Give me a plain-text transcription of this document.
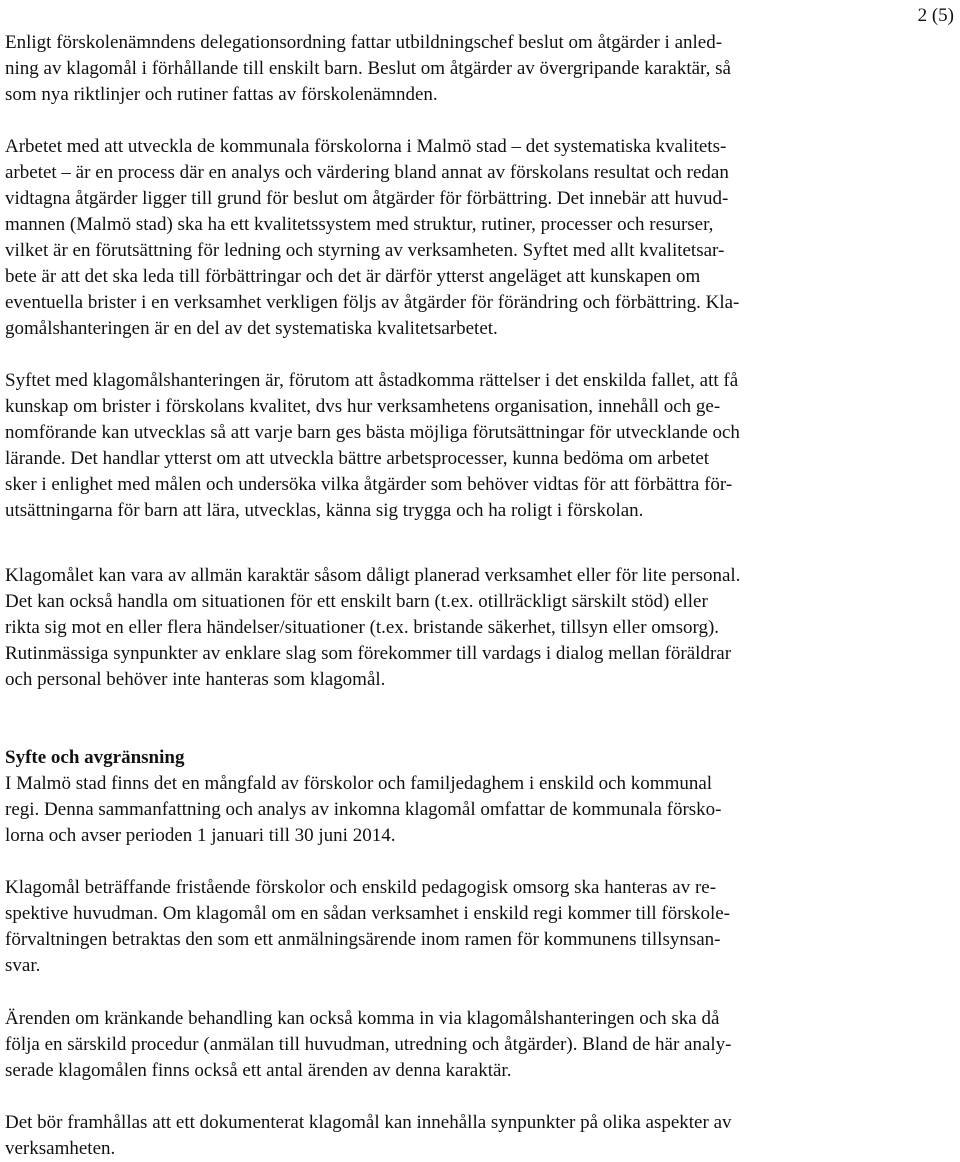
2 (5)
Enligt förskolenämndens delegationsordning fattar utbildningschef beslut om åtgärder i anled-
ning av klagomål i förhållande till enskilt barn. Beslut om åtgärder av övergripande karaktär, så
som nya riktlinjer och rutiner fattas av förskolenämnden.
Arbetet med att utveckla de kommunala förskolorna i Malmö stad – det systematiska kvalitets-
arbetet – är en process där en analys och värdering bland annat av förskolans resultat och redan
vidtagna åtgärder ligger till grund för beslut om åtgärder för förbättring. Det innebär att huvud-
mannen (Malmö stad) ska ha ett kvalitetssystem med struktur, rutiner, processer och resurser,
vilket är en förutsättning för ledning och styrning av verksamheten. Syftet med allt kvalitetsar-
bete är att det ska leda till förbättringar och det är därför ytterst angeläget att kunskapen om
eventuella brister i en verksamhet verkligen följs av åtgärder för förändring och förbättring. Kla-
gomålshanteringen är en del av det systematiska kvalitetsarbetet.
Syftet med klagomålshanteringen är, förutom att åstadkomma rättelser i det enskilda fallet, att få
kunskap om brister i förskolans kvalitet, dvs hur verksamhetens organisation, innehåll och ge-
nomförande kan utvecklas så att varje barn ges bästa möjliga förutsättningar för utvecklande och
lärande. Det handlar ytterst om att utveckla bättre arbetsprocesser, kunna bedöma om arbetet
sker i enlighet med målen och undersöka vilka åtgärder som behöver vidtas för att förbättra för-
utsättningarna för barn att lära, utvecklas, känna sig trygga och ha roligt i förskolan.
Klagomålet kan vara av allmän karaktär såsom dåligt planerad verksamhet eller för lite personal.
Det kan också handla om situationen för ett enskilt barn (t.ex. otillräckligt särskilt stöd) eller
rikta sig mot en eller flera händelser/situationer (t.ex. bristande säkerhet, tillsyn eller omsorg).
Rutinmässiga synpunkter av enklare slag som förekommer till vardags i dialog mellan föräldrar
och personal behöver inte hanteras som klagomål.
Syfte och avgränsning
I Malmö stad finns det en mångfald av förskolor och familjedaghem i enskild och kommunal
regi. Denna sammanfattning och analys av inkomna klagomål omfattar de kommunala försko-
lorna och avser perioden 1 januari till 30 juni 2014.
Klagomål beträffande fristående förskolor och enskild pedagogisk omsorg ska hanteras av re-
spektive huvudman. Om klagomål om en sådan verksamhet i enskild regi kommer till förskole-
förvaltningen betraktas den som ett anmälningsärende inom ramen för kommunens tillsynsan-
svar.
Ärenden om kränkande behandling kan också komma in via klagomålshanteringen och ska då
följa en särskild procedur (anmälan till huvudman, utredning och åtgärder). Bland de här analy-
serade klagomålen finns också ett antal ärenden av denna karaktär.
Det bör framhållas att ett dokumenterat klagomål kan innehålla synpunkter på olika aspekter av
verksamheten.
